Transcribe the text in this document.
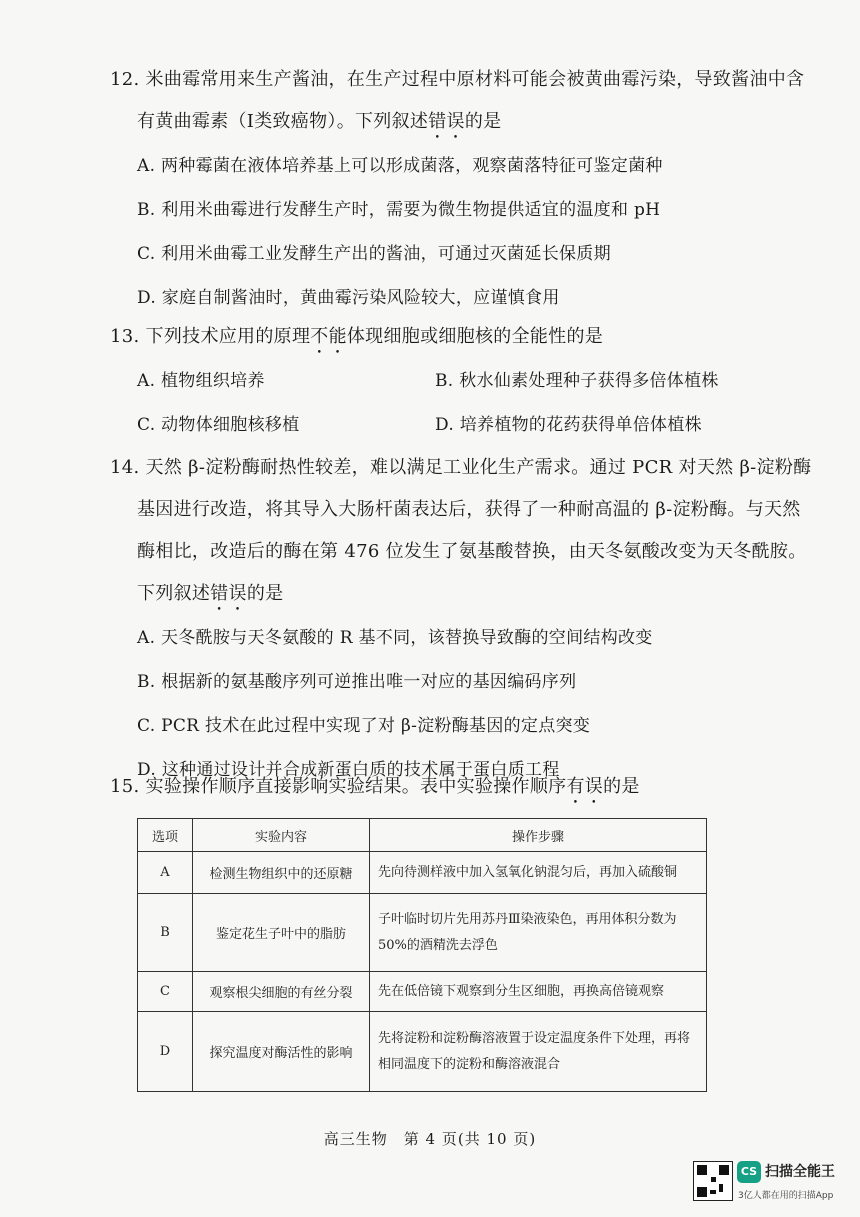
12. 米曲霉常用来生产酱油，在生产过程中原材料可能会被黄曲霉污染，导致酱油中含
有黄曲霉素（Ⅰ类致癌物）。下列叙述错误的是
A. 两种霉菌在液体培养基上可以形成菌落，观察菌落特征可鉴定菌种
B. 利用米曲霉进行发酵生产时，需要为微生物提供适宜的温度和 pH
C. 利用米曲霉工业发酵生产出的酱油，可通过灭菌延长保质期
D. 家庭自制酱油时，黄曲霉污染风险较大，应谨慎食用
13. 下列技术应用的原理不能体现细胞或细胞核的全能性的是
A. 植物组织培养	B. 秋水仙素处理种子获得多倍体植株
C. 动物体细胞核移植	D. 培养植物的花药获得单倍体植株
14. 天然 β-淀粉酶耐热性较差，难以满足工业化生产需求。通过 PCR 对天然 β-淀粉酶
基因进行改造，将其导入大肠杆菌表达后，获得了一种耐高温的 β-淀粉酶。与天然
酶相比，改造后的酶在第 476 位发生了氨基酸替换，由天冬氨酸改变为天冬酰胺。
下列叙述错误的是
A. 天冬酰胺与天冬氨酸的 R 基不同，该替换导致酶的空间结构改变
B. 根据新的氨基酸序列可逆推出唯一对应的基因编码序列
C. PCR 技术在此过程中实现了对 β-淀粉酶基因的定点突变
D. 这种通过设计并合成新蛋白质的技术属于蛋白质工程
15. 实验操作顺序直接影响实验结果。表中实验操作顺序有误的是
选项	实验内容	操作步骤
A	检测生物组织中的还原糖	先向待测样液中加入氢氧化钠混匀后，再加入硫酸铜
B	鉴定花生子叶中的脂肪	子叶临时切片先用苏丹Ⅲ染液染色，再用体积分数为50%的酒精洗去浮色
C	观察根尖细胞的有丝分裂	先在低倍镜下观察到分生区细胞，再换高倍镜观察
D	探究温度对酶活性的影响	先将淀粉和淀粉酶溶液置于设定温度条件下处理，再将相同温度下的淀粉和酶溶液混合
高三生物　第 4 页(共 10 页)
CS 扫描全能王
3亿人都在用的扫描App
